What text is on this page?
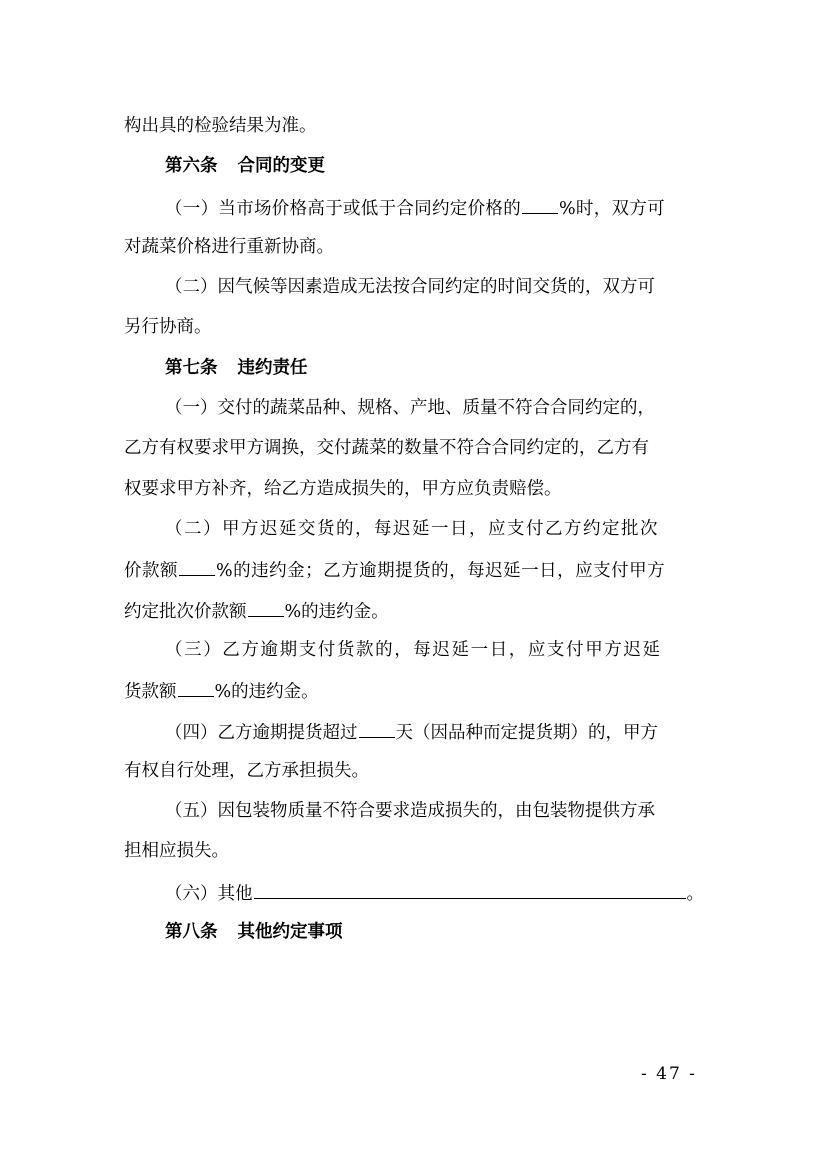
构出具的检验结果为准。
第六条 合同的变更
（一）当市场价格高于或低于合同约定价格的 %时，双方可
对蔬菜价格进行重新协商。
（二）因气候等因素造成无法按合同约定的时间交货的，双方可
另行协商。
第七条 违约责任
（一）交付的蔬菜品种、规格、产地、质量不符合合同约定的，
乙方有权要求甲方调换，交付蔬菜的数量不符合合同约定的，乙方有
权要求甲方补齐，给乙方造成损失的，甲方应负责赔偿。
（二）甲方迟延交货的，每迟延一日，应支付乙方约定批次
价款额 %的违约金；乙方逾期提货的，每迟延一日，应支付甲方
约定批次价款额 %的违约金。
（三）乙方逾期支付货款的，每迟延一日，应支付甲方迟延
货款额 %的违约金。
（四）乙方逾期提货超过 天（因品种而定提货期）的，甲方
有权自行处理，乙方承担损失。
（五）因包装物质量不符合要求造成损失的，由包装物提供方承
担相应损失。
（六）其他	。
第八条 其他约定事项
- 47 -
